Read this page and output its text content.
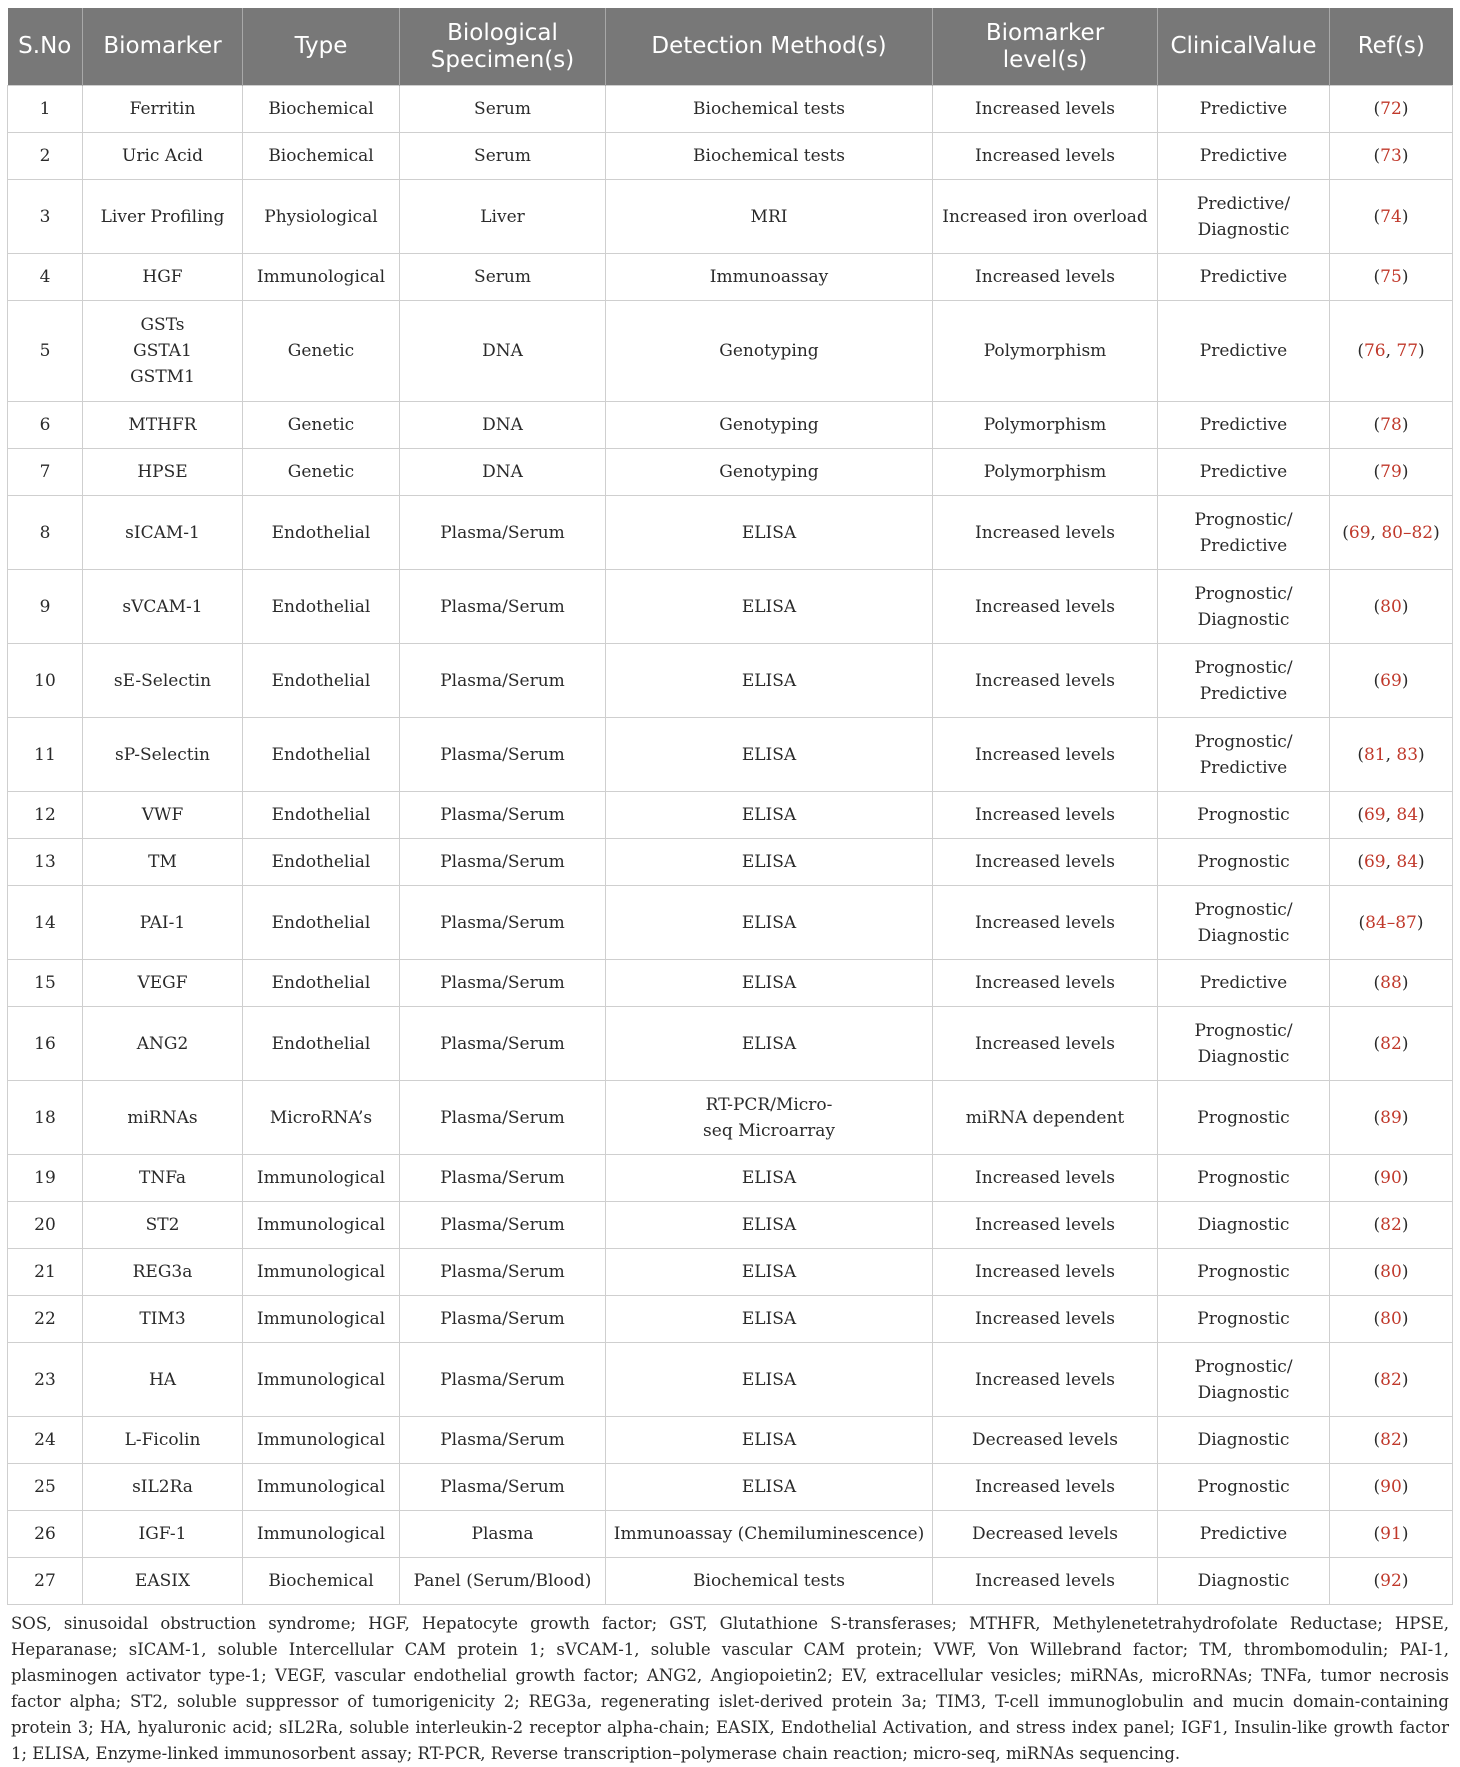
S.No	Biomarker	Type	Biological Specimen(s)	Detection Method(s)	Biomarker level(s)	ClinicalValue	Ref(s)
1	Ferritin	Biochemical	Serum	Biochemical tests	Increased levels	Predictive	(72)
2	Uric Acid	Biochemical	Serum	Biochemical tests	Increased levels	Predictive	(73)
3	Liver Profiling	Physiological	Liver	MRI	Increased iron overload	Predictive/ Diagnostic	(74)
4	HGF	Immunological	Serum	Immunoassay	Increased levels	Predictive	(75)
5	GSTs GSTA1 GSTM1	Genetic	DNA	Genotyping	Polymorphism	Predictive	(76, 77)
6	MTHFR	Genetic	DNA	Genotyping	Polymorphism	Predictive	(78)
7	HPSE	Genetic	DNA	Genotyping	Polymorphism	Predictive	(79)
8	sICAM-1	Endothelial	Plasma/Serum	ELISA	Increased levels	Prognostic/ Predictive	(69, 80–82)
9	sVCAM-1	Endothelial	Plasma/Serum	ELISA	Increased levels	Prognostic/ Diagnostic	(80)
10	sE-Selectin	Endothelial	Plasma/Serum	ELISA	Increased levels	Prognostic/ Predictive	(69)
11	sP-Selectin	Endothelial	Plasma/Serum	ELISA	Increased levels	Prognostic/ Predictive	(81, 83)
12	VWF	Endothelial	Plasma/Serum	ELISA	Increased levels	Prognostic	(69, 84)
13	TM	Endothelial	Plasma/Serum	ELISA	Increased levels	Prognostic	(69, 84)
14	PAI-1	Endothelial	Plasma/Serum	ELISA	Increased levels	Prognostic/ Diagnostic	(84–87)
15	VEGF	Endothelial	Plasma/Serum	ELISA	Increased levels	Predictive	(88)
16	ANG2	Endothelial	Plasma/Serum	ELISA	Increased levels	Prognostic/ Diagnostic	(82)
18	miRNAs	MicroRNA’s	Plasma/Serum	RT-PCR/Micro-seq Microarray	miRNA dependent	Prognostic	(89)
19	TNFa	Immunological	Plasma/Serum	ELISA	Increased levels	Prognostic	(90)
20	ST2	Immunological	Plasma/Serum	ELISA	Increased levels	Diagnostic	(82)
21	REG3a	Immunological	Plasma/Serum	ELISA	Increased levels	Prognostic	(80)
22	TIM3	Immunological	Plasma/Serum	ELISA	Increased levels	Prognostic	(80)
23	HA	Immunological	Plasma/Serum	ELISA	Increased levels	Prognostic/ Diagnostic	(82)
24	L-Ficolin	Immunological	Plasma/Serum	ELISA	Decreased levels	Diagnostic	(82)
25	sIL2Ra	Immunological	Plasma/Serum	ELISA	Increased levels	Prognostic	(90)
26	IGF-1	Immunological	Plasma	Immunoassay (Chemiluminescence)	Decreased levels	Predictive	(91)
27	EASIX	Biochemical	Panel (Serum/Blood)	Biochemical tests	Increased levels	Diagnostic	(92)
SOS, sinusoidal obstruction syndrome; HGF, Hepatocyte growth factor; GST, Glutathione S-transferases; MTHFR, Methylenetetrahydrofolate Reductase; HPSE, Heparanase; sICAM-1, soluble Intercellular CAM protein 1; sVCAM-1, soluble vascular CAM protein; VWF, Von Willebrand factor; TM, thrombomodulin; PAI-1, plasminogen activator type-1; VEGF, vascular endothelial growth factor; ANG2, Angiopoietin2; EV, extracellular vesicles; miRNAs, microRNAs; TNFa, tumor necrosis factor alpha; ST2, soluble suppressor of tumorigenicity 2; REG3a, regenerating islet-derived protein 3a; TIM3, T-cell immunoglobulin and mucin domain-containing protein 3; HA, hyaluronic acid; sIL2Ra, soluble interleukin-2 receptor alpha-chain; EASIX, Endothelial Activation, and stress index panel; IGF1, Insulin-like growth factor 1; ELISA, Enzyme-linked immunosorbent assay; RT-PCR, Reverse transcription–polymerase chain reaction; micro-seq, miRNAs sequencing.
